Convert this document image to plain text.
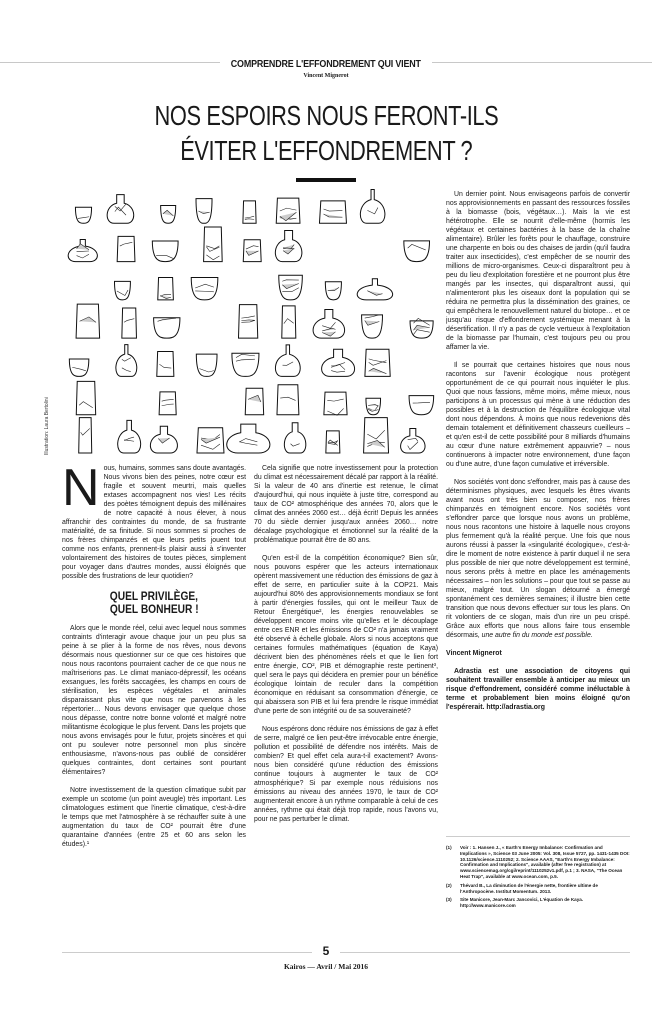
COMPRENDRE L'EFFONDREMENT QUI VIENT
Vincent Mignerot
NOS ESPOIRS NOUS FERONT-ILS
ÉVITER L'EFFONDREMENT ?
Illustration: Laura Bertolini

Nous, humains, sommes sans doute avantagés. Nous vivons bien des peines, notre cœur est fragile et souvent meurtri, mais quelles extases accompagnent nos vies! Les récits des poètes témoignent depuis des millénaires de notre capacité à nous élever, à nous affranchir des contraintes du monde, de sa frustrante matérialité, de sa finitude. Si nous sommes si proches de nos frères chimpanzés et que leurs petits jouent tout comme nos enfants, prennent-ils plaisir aussi à s'inventer volontairement des histoires de toutes pièces, simplement pour voyager dans d'autres mondes, aussi éloignés que possible des frustrations de leur quotidien?

QUEL PRIVILÈGE,
QUEL BONHEUR !

Alors que le monde réel, celui avec lequel nous sommes contraints d'interagir avoue chaque jour un peu plus sa peine à se plier à la forme de nos rêves, nous devons désormais nous questionner sur ce que ces histoires que nous nous racontons pourraient cacher de ce que nous ne maîtriserions pas. Le climat maniaco-dépressif, les océans exsangues, les forêts saccagées, les champs en cours de stérilisation, les espèces végétales et animales disparaissant plus vite que nous ne parvenons à les répertorier… Nous devons envisager que quelque chose nous dépasse, contre notre bonne volonté et malgré notre militantisme écologique le plus fervent. Dans les projets que nous avons envisagés pour le futur, projets sincères et qui ont pu soulever notre personnel mon plus sincère enthousiasme, n'avons-nous pas oublié de considérer quelques contraintes, dont certaines sont pourtant élémentaires?

Notre investissement de la question climatique subit par exemple un scotome (un point aveugle) très important. Les climatologues estiment que l'inertie climatique, c'est-à-dire le temps que met l'atmosphère à se réchauffer suite à une augmentation du taux de CO² pourrait être d'une quarantaine d'années (entre 25 et 60 ans selon les études).¹

Cela signifie que notre investissement pour la protection du climat est nécessairement décalé par rapport à la réalité. Si la valeur de 40 ans d'inertie est retenue, le climat d'aujourd'hui, qui nous inquiète à juste titre, correspond au taux de CO² atmosphérique des années 70, alors que le climat des années 2060 est… déjà écrit! Depuis les années 70 du siècle dernier jusqu'aux années 2060… notre décalage psychologique et émotionnel sur la réalité de la problématique pourrait être de 80 ans.

Qu'en est-il de la compétition économique? Bien sûr, nous pouvons espérer que les acteurs internationaux opèrent massivement une réduction des émissions de gaz à effet de serre, en particulier suite à la COP21. Mais aujourd'hui 80% des approvisionnements mondiaux se font à partir d'énergies fossiles, qui ont le meilleur Taux de Retour Énergétique², les énergies renouvelables se développent encore moins vite qu'elles et le découplage entre ces ENR et les émissions de CO² n'a jamais vraiment été observé à échelle globale. Alors si nous acceptons que certaines formules mathématiques (équation de Kaya) décrivent bien des phénomènes réels et que le lien fort entre énergie, CO², PIB et démographie reste pertinent³, quel sera le pays qui décidera en premier pour un bénéfice écologique lointain de reculer dans la compétition économique en réduisant sa consommation d'énergie, ce qui abaissera son PIB et lui fera prendre le risque immédiat d'une perte de son intégrité ou de sa souveraineté?

Nous espérons donc réduire nos émissions de gaz à effet de serre, malgré ce lien peut-être irrévocable entre énergie, pollution et possibilité de défendre nos intérêts. Mais de combien? Et quel effet cela aura-t-il exactement? Avons-nous bien considéré qu'une réduction des émissions continue toujours à augmenter le taux de CO² atmosphérique? Si par exemple nous réduisions nos émissions au niveau des années 1970, le taux de CO² augmenterait encore à un rythme comparable à celui de ces années, rythme qui était déjà trop rapide, nous l'avons vu, pour ne pas perturber le climat.

Un dernier point. Nous envisageons parfois de convertir nos approvisionnements en passant des ressources fossiles à la biomasse (bois, végétaux…). Mais la vie est hétérotrophe. Elle se nourrit d'elle-même (hormis les végétaux et certaines bactéries à la base de la chaîne alimentaire). Brûler les forêts pour le chauffage, construire une charpente en bois ou des chaises de jardin (qu'il faudra traiter aux insecticides), c'est empêcher de se nourrir des millions de micro-organismes. Ceux-ci disparaîtront peu à peu du lieu d'exploitation forestière et ne pourront plus être mangés par les insectes, qui disparaîtront aussi, qui n'alimenteront plus les oiseaux dont la population qui se réduira ne permettra plus la dissémination des graines, ce qui empêchera le renouvellement naturel du biotope… et ce jusqu'au risque d'effondrement systémique menant à la désertification. Il n'y a pas de cycle vertueux à l'exploitation de la biomasse par l'humain, c'est toujours peu ou prou affamer la vie.

Il se pourrait que certaines histoires que nous nous racontons sur l'avenir écologique nous protègent opportunément de ce qui pourrait nous inquiéter le plus. Quoi que nous fassions, même moins, même mieux, nous participons à un processus qui mène à une réduction des possibles et à la destruction de l'équilibre écologique vital dont nous dépendons. À moins que nous redevenions dès demain totalement et définitivement chasseurs cueilleurs – et qu'en est-il de cette possibilité pour 8 milliards d'humains au cœur d'une nature extrêmement appauvrie? – nous continuerons à impacter notre environnement, d'une façon ou d'une autre, d'une façon cumulative et irréversible.

Nos sociétés vont donc s'effondrer, mais pas à cause des déterminismes physiques, avec lesquels les êtres vivants avant nous ont très bien su composer, nos frères chimpanzés en témoignent encore. Nos sociétés vont s'effondrer parce que lorsque nous avons un problème, nous nous racontons une histoire à laquelle nous croyons plus fermement qu'à la réalité perçue. Une fois que nous aurons réussi à passer la «singularité écologique», c'est-à-dire le moment de notre existence à partir duquel il ne sera plus possible de nier que notre développement est terminé, nous serons prêts à mettre en place les aménagements nécessaires – non les solutions – pour que tout se passe au mieux, malgré tout. Un slogan détourné a émergé spontanément ces dernières semaines; il illustre bien cette transition que nous devons effectuer sur tous les plans. On rit volontiers de ce slogan, mais d'un rire un peu crispé. Grâce aux efforts que nous allons faire tous ensemble désormais, une autre fin du monde est possible.

Vincent Mignerot

Adrastia est une association de citoyens qui souhaitent travailler ensemble à anticiper au mieux un risque d'effondrement, considéré comme inéluctable à terme et probablement bien moins éloigné qu'on l'espérerait. http://adrastia.org

(1)	Voir : 1. Hansen J., « Earth's Energy Imbalance: Confirmation and Implications », Science 03 June 2005: Vol. 308, Issue 5727, pp. 1431-1435 DOI: 10.1126/science.1110252; 2. Science AAAS, "Earth's Energy Imbalance: Confirmation and Implications", available (after free registration) at www.sciencemag.org/cgi/reprint/1110252v1.pdf, p.1 ; 3. NASA, "The Ocean Heat Trap", available at www.ocean.com, p.5.
(2)	Thévard B., La diminution de l'énergie nette, frontière ultime de l'Anthropocène. Institut Momentum. 2013.
(3)	Site Manicore, Jean-Marc Jancovici, L'équation de Kaya. http://www.manicore.com
5
Kairos — Avril / Mai 2016
